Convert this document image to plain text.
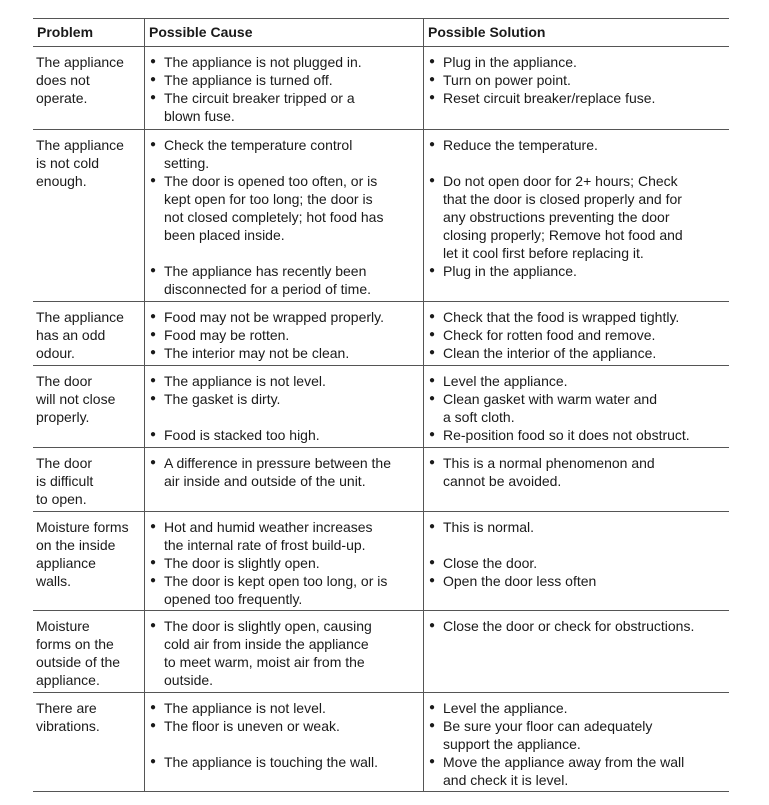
Problem	Possible Cause	Possible Solution
The appliance
does not
operate.
● The appliance is not plugged in.
● The appliance is turned off.
● The circuit breaker tripped or a
blown fuse.
● Plug in the appliance.
● Turn on power point.
● Reset circuit breaker/replace fuse.
The appliance
is not cold
enough.
● Check the temperature control
setting.
● The door is opened too often, or is
kept open for too long; the door is
not closed completely; hot food has
been placed inside.
● The appliance has recently been
disconnected for a period of time.
● Reduce the temperature.
● Do not open door for 2+ hours; Check
that the door is closed properly and for
any obstructions preventing the door
closing properly; Remove hot food and
let it cool first before replacing it.
● Plug in the appliance.
The appliance
has an odd
odour.
● Food may not be wrapped properly.
● Food may be rotten.
● The interior may not be clean.
● Check that the food is wrapped tightly.
● Check for rotten food and remove.
● Clean the interior of the appliance.
The door
will not close
properly.
● The appliance is not level.
● The gasket is dirty.
● Food is stacked too high.
● Level the appliance.
● Clean gasket with warm water and
a soft cloth.
● Re-position food so it does not obstruct.
The door
is difficult
to open.
● A difference in pressure between the
air inside and outside of the unit.
● This is a normal phenomenon and
cannot be avoided.
Moisture forms
on the inside
appliance
walls.
● Hot and humid weather increases
the internal rate of frost build-up.
● The door is slightly open.
● The door is kept open too long, or is
opened too frequently.
● This is normal.
● Close the door.
● Open the door less often
Moisture
forms on the
outside of the
appliance.
● The door is slightly open, causing
cold air from inside the appliance
to meet warm, moist air from the
outside.
● Close the door or check for obstructions.
There are
vibrations.
● The appliance is not level.
● The floor is uneven or weak.
● The appliance is touching the wall.
● Level the appliance.
● Be sure your floor can adequately
support the appliance.
● Move the appliance away from the wall
and check it is level.
